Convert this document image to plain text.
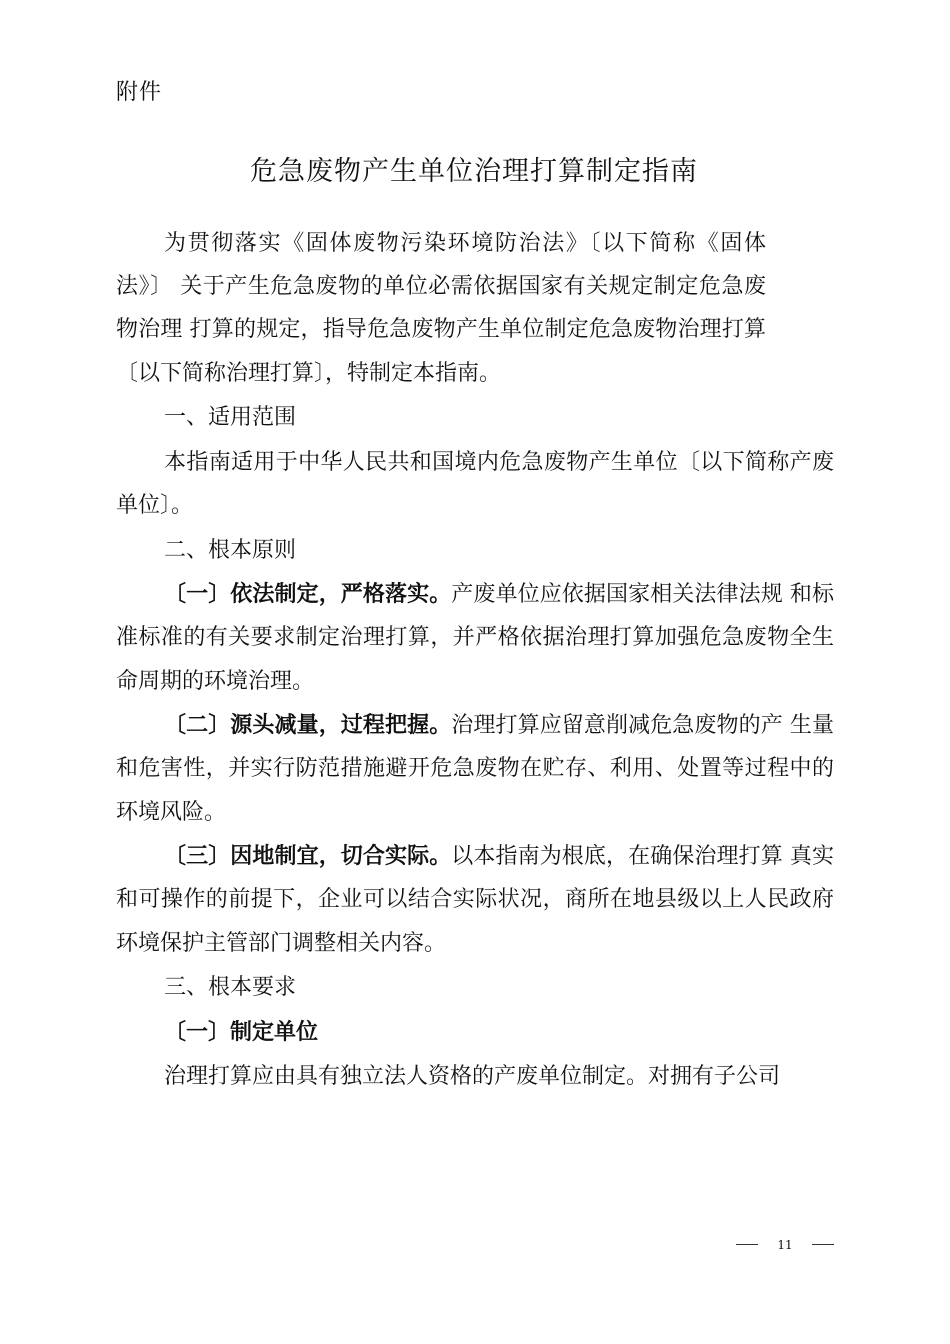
附件
危急废物产生单位治理打算制定指南

为贯彻落实《固体废物污染环境防治法》〔以下简称《固体法》〕 关于产生危急废物的单位必需依据国家有关规定制定危急废物治理 打算的规定，指导危急废物产生单位制定危急废物治理打算〔以下简称治理打算〕，特制定本指南。

一、适用范围

本指南适用于中华人民共和国境内危急废物产生单位〔以下简称产废单位〕。

二、根本原则

〔一〕依法制定，严格落实。产废单位应依据国家相关法律法规 和标准标准的有关要求制定治理打算，并严格依据治理打算加强危急废物全生命周期的环境治理。

〔二〕源头减量，过程把握。治理打算应留意削减危急废物的产 生量和危害性，并实行防范措施避开危急废物在贮存、利用、处置等过程中的环境风险。

〔三〕因地制宜，切合实际。以本指南为根底，在确保治理打算 真实和可操作的前提下，企业可以结合实际状况，商所在地县级以上人民政府环境保护主管部门调整相关内容。

三、根本要求

〔一〕制定单位

治理打算应由具有独立法人资格的产废单位制定。对拥有子公司

11
